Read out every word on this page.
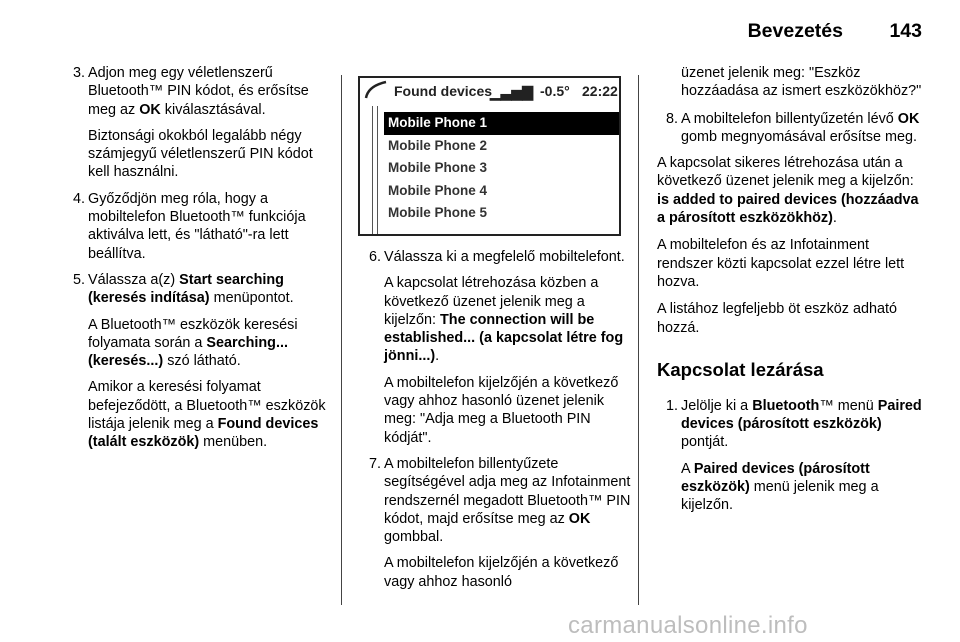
Bevezetés	143
3. Adjon meg egy véletlenszerű Bluetooth™ PIN kódot, és erősítse meg az OK kiválasztásával.

Biztonsági okokból legalább négy számjegyű véletlenszerű PIN kódot kell használni.

4. Győződjön meg róla, hogy a mobiltelefon Bluetooth™ funkciója aktiválva lett, és "látható"-ra lett beállítva.

5. Válassza a(z) Start searching (keresés indítása) menüpontot.

A Bluetooth™ eszközök keresési folyamata során a Searching... (keresés...) szó látható.

Amikor a keresési folyamat befejeződött, a Bluetooth™ eszközök listája jelenik meg a Found devices (talált eszközök) menüben.

Found devices
▁▃▅▇ -0.5° 22:22
Mobile Phone 1
Mobile Phone 2
Mobile Phone 3
Mobile Phone 4
Mobile Phone 5
6. Válassza ki a megfelelő mobiltelefont.

A kapcsolat létrehozása közben a következő üzenet jelenik meg a kijelzőn: The connection will be established... (a kapcsolat létre fog jönni...).

A mobiltelefon kijelzőjén a következő vagy ahhoz hasonló üzenet jelenik meg: "Adja meg a Bluetooth PIN kódját".

7. A mobiltelefon billentyűzete segítségével adja meg az Infotainment rendszernél megadott Bluetooth™ PIN kódot, majd erősítse meg az OK gombbal.

A mobiltelefon kijelzőjén a következő vagy ahhoz hasonló

üzenet jelenik meg: "Eszköz hozzáadása az ismert eszközökhöz?"

8. A mobiltelefon billentyűzetén lévő OK gomb megnyomásával erősítse meg.

A kapcsolat sikeres létrehozása után a következő üzenet jelenik meg a kijelzőn: is added to paired devices (hozzáadva a párosított eszközökhöz).

A mobiltelefon és az Infotainment rendszer közti kapcsolat ezzel létre lett hozva.

A listához legfeljebb öt eszköz adható hozzá.

Kapcsolat lezárása
1. Jelölje ki a Bluetooth™ menü Paired devices (párosított eszközök) pontját.

A Paired devices (párosított eszközök) menü jelenik meg a kijelzőn.

carmanualsonline.info
